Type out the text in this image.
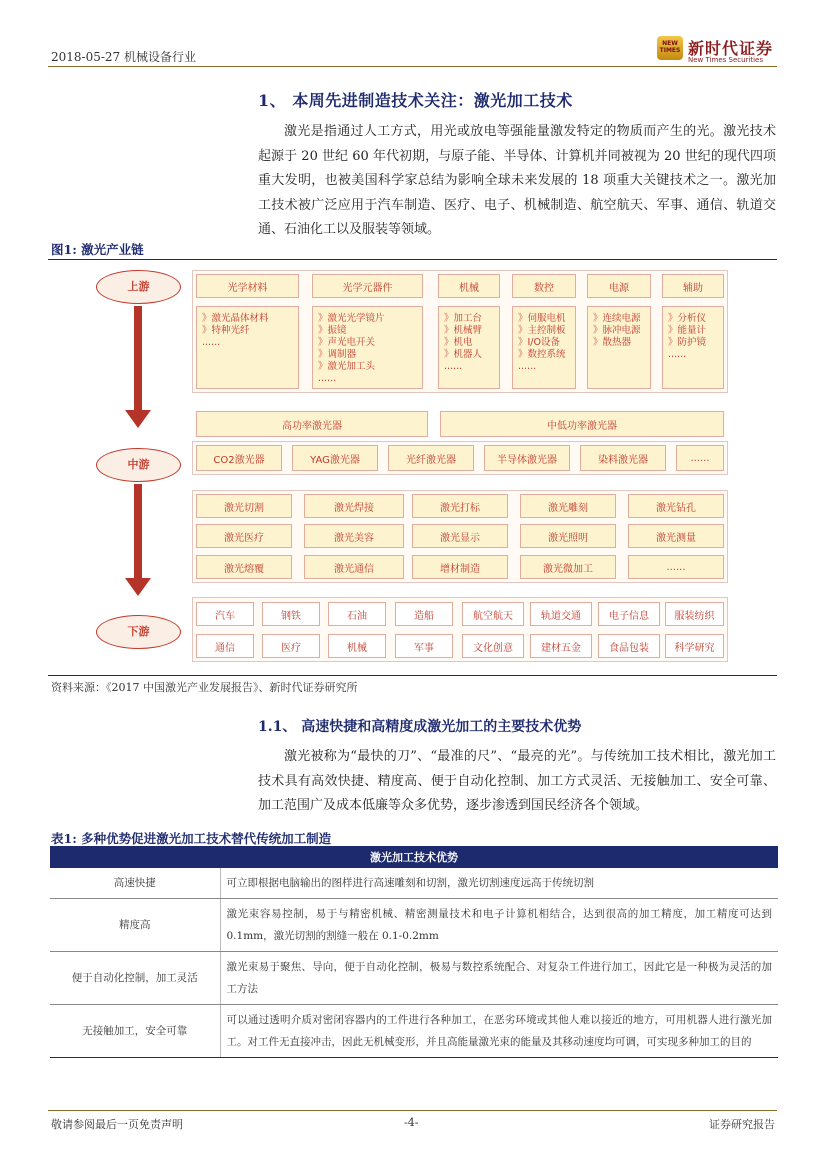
2018-05-27 机械设备行业
NEW TIMES 新时代证券
New Times Securities
1、 本周先进制造技术关注：激光加工技术
激光是指通过人工方式，用光或放电等强能量激发特定的物质而产生的光。激光技术起源于 20 世纪 60 年代初期，与原子能、半导体、计算机并同被视为 20 世纪的现代四项重大发明，也被美国科学家总结为影响全球未来发展的 18 项重大关键技术之一。激光加工技术被广泛应用于汽车制造、医疗、电子、机械制造、航空航天、军事、通信、轨道交通、石油化工以及服装等领域。
图1: 激光产业链
上游
中游
下游
光学材料	光学元器件	机械	数控	电源	辅助
》激光晶体材料
》特种光纤
......
》激光光学镜片
》振镜
》声光电开关
》调制器
》激光加工头
......
》加工台
》机械臂
》机电
》机器人
......
》伺服电机
》主控制板
》I/O设备
》数控系统
......
》连续电源
》脉冲电源
》散热器
》分析仪
》能量计
》防护镜
......
高功率激光器	中低功率激光器
CO2激光器	YAG激光器	光纤激光器	半导体激光器	染料激光器	......
激光切割	激光焊接	激光打标	激光雕刻	激光钻孔
激光医疗	激光美容	激光显示	激光照明	激光测量
激光熔覆	激光通信	增材制造	激光微加工	......
汽车	钢铁	石油	造船	航空航天	轨道交通	电子信息	服装纺织
通信	医疗	机械	军事	文化创意	建材五金	食品包装	科学研究
资料来源：《2017 中国激光产业发展报告》、新时代证券研究所
1.1、 高速快捷和高精度成激光加工的主要技术优势
激光被称为“最快的刀”、“最准的尺”、“最亮的光”。与传统加工技术相比，激光加工技术具有高效快捷、精度高、便于自动化控制、加工方式灵活、无接触加工、安全可靠、加工范围广及成本低廉等众多优势，逐步渗透到国民经济各个领域。
表1: 多种优势促进激光加工技术替代传统加工制造
激光加工技术优势	
高速快捷	可立即根据电脑输出的图样进行高速雕刻和切割，激光切割速度远高于传统切割
精度高	激光束容易控制，易于与精密机械、精密测量技术和电子计算机相结合，达到很高的加工精度，加工精度可达到 0.1mm，激光切割的割缝一般在 0.1-0.2mm
便于自动化控制，加工灵活	激光束易于聚焦、导向，便于自动化控制，极易与数控系统配合、对复杂工件进行加工，因此它是一种极为灵活的加工方法
无接触加工，安全可靠	可以通过透明介质对密闭容器内的工件进行各种加工，在恶劣环境或其他人难以接近的地方，可用机器人进行激光加工。对工件无直接冲击，因此无机械变形，并且高能量激光束的能量及其移动速度均可调，可实现多种加工的目的
敬请参阅最后一页免责声明	-4-	证券研究报告
